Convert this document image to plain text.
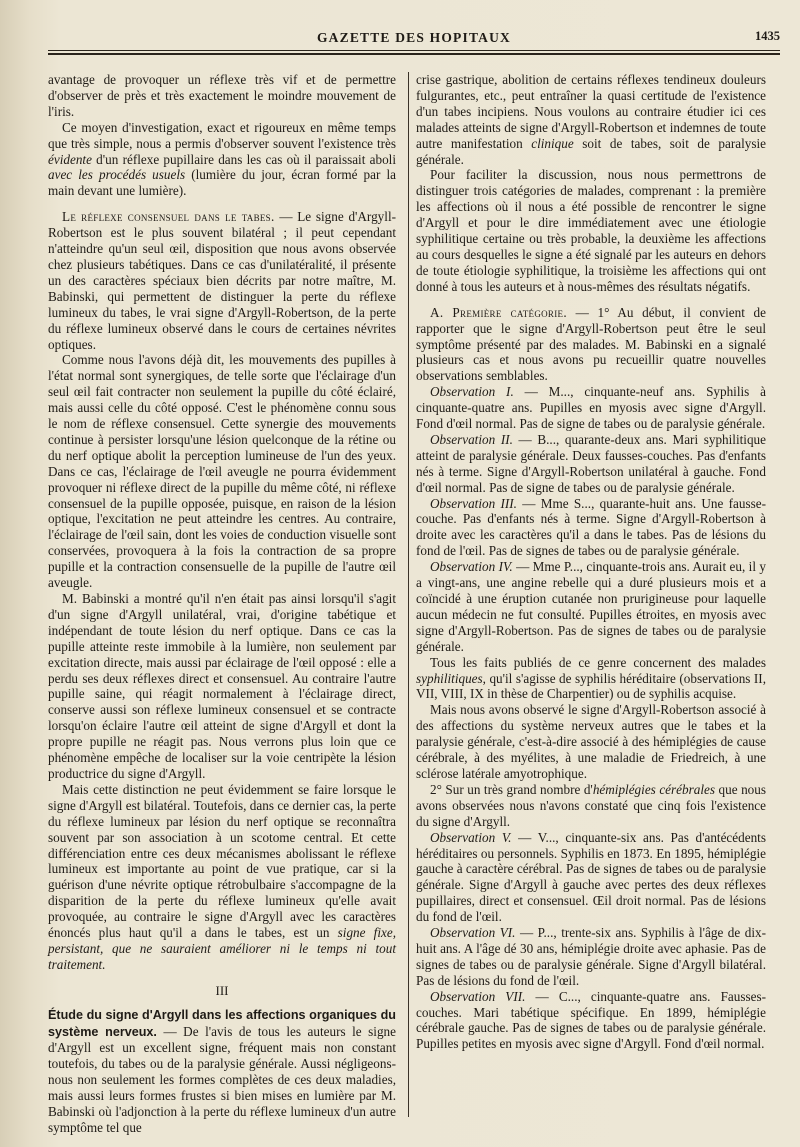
GAZETTE DES HOPITAUX	1435

avantage de provoquer un réflexe très vif et de permettre d'observer de près et très exactement le moindre mouvement de l'iris.

Ce moyen d'investigation, exact et rigoureux en même temps que très simple, nous a permis d'observer souvent l'existence très évidente d'un réflexe pupillaire dans les cas où il paraissait aboli avec les procédés usuels (lumière du jour, écran formé par la main devant une lumière).

Le réflexe consensuel dans le tabes. — Le signe d'Argyll-Robertson est le plus souvent bilatéral ; il peut cependant n'atteindre qu'un seul œil, disposition que nous avons observée chez plusieurs tabétiques. Dans ce cas d'unilatéralité, il présente un des caractères spéciaux bien décrits par notre maître, M. Babinski, qui permettent de distinguer la perte du réflexe lumineux du tabes, le vrai signe d'Argyll-Robertson, de la perte du réflexe lumineux observé dans le cours de certaines névrites optiques.

Comme nous l'avons déjà dit, les mouvements des pupilles à l'état normal sont synergiques, de telle sorte que l'éclairage d'un seul œil fait contracter non seulement la pupille du côté éclairé, mais aussi celle du côté opposé. C'est le phénomène connu sous le nom de réflexe consensuel. Cette synergie des mouvements continue à persister lorsqu'une lésion quelconque de la rétine ou du nerf optique abolit la perception lumineuse de l'un des yeux. Dans ce cas, l'éclairage de l'œil aveugle ne pourra évidemment provoquer ni réflexe direct de la pupille du même côté, ni réflexe consensuel de la pupille opposée, puisque, en raison de la lésion optique, l'excitation ne peut atteindre les centres. Au contraire, l'éclairage de l'œil sain, dont les voies de conduction visuelle sont conservées, provoquera à la fois la contraction de sa propre pupille et la contraction consensuelle de la pupille de l'autre œil aveugle.

M. Babinski a montré qu'il n'en était pas ainsi lorsqu'il s'agit d'un signe d'Argyll unilatéral, vrai, d'origine tabétique et indépendant de toute lésion du nerf optique. Dans ce cas la pupille atteinte reste immobile à la lumière, non seulement par excitation directe, mais aussi par éclairage de l'œil opposé : elle a perdu ses deux réflexes direct et consensuel. Au contraire l'autre pupille saine, qui réagit normalement à l'éclairage direct, conserve aussi son réflexe lumineux consensuel et se contracte lorsqu'on éclaire l'autre œil atteint de signe d'Argyll et dont la propre pupille ne réagit pas. Nous verrons plus loin que ce phénomène empêche de localiser sur la voie centripète la lésion productrice du signe d'Argyll.

Mais cette distinction ne peut évidemment se faire lorsque le signe d'Argyll est bilatéral. Toutefois, dans ce dernier cas, la perte du réflexe lumineux par lésion du nerf optique se reconnaîtra souvent par son association à un scotome central. Et cette différenciation entre ces deux mécanismes abolissant le réflexe lumineux est importante au point de vue pratique, car si la guérison d'une névrite optique rétrobulbaire s'accompagne de la disparition de la perte du réflexe lumineux qu'elle avait provoquée, au contraire le signe d'Argyll avec les caractères énoncés plus haut qu'il a dans le tabes, est un signe fixe, persistant, que ne sauraient améliorer ni le temps ni tout traitement.

III

Étude du signe d'Argyll dans les affections organiques du système nerveux. — De l'avis de tous les auteurs le signe d'Argyll est un excellent signe, fréquent mais non constant toutefois, du tabes ou de la paralysie générale. Aussi négligeons-nous non seulement les formes complètes de ces deux maladies, mais aussi leurs formes frustes si bien mises en lumière par M. Babinski où l'adjonction à la perte du réflexe lumineux d'un autre symptôme tel que

crise gastrique, abolition de certains réflexes tendineux douleurs fulgurantes, etc., peut entraîner la quasi certitude de l'existence d'un tabes incipiens. Nous voulons au contraire étudier ici ces malades atteints de signe d'Argyll-Robertson et indemnes de toute autre manifestation clinique soit de tabes, soit de paralysie générale.

Pour faciliter la discussion, nous nous permettrons de distinguer trois catégories de malades, comprenant : la première les affections où il nous a été possible de rencontrer le signe d'Argyll et pour le dire immédiatement avec une étiologie syphilitique certaine ou très probable, la deuxième les affections au cours desquelles le signe a été signalé par les auteurs en dehors de toute étiologie syphilitique, la troisième les affections qui ont donné à tous les auteurs et à nous-mêmes des résultats négatifs.

A. Première catégorie. — 1° Au début, il convient de rapporter que le signe d'Argyll-Robertson peut être le seul symptôme présenté par des malades. M. Babinski en a signalé plusieurs cas et nous avons pu recueillir quatre nouvelles observations semblables.

Observation I. — M..., cinquante-neuf ans. Syphilis à cinquante-quatre ans. Pupilles en myosis avec signe d'Argyll. Fond d'œil normal. Pas de signe de tabes ou de paralysie générale.

Observation II. — B..., quarante-deux ans. Mari syphilitique atteint de paralysie générale. Deux fausses-couches. Pas d'enfants nés à terme. Signe d'Argyll-Robertson unilatéral à gauche. Fond d'œil normal. Pas de signe de tabes ou de paralysie générale.

Observation III. — Mme S..., quarante-huit ans. Une fausse-couche. Pas d'enfants nés à terme. Signe d'Argyll-Robertson à droite avec les caractères qu'il a dans le tabes. Pas de lésions du fond de l'œil. Pas de signes de tabes ou de paralysie générale.

Observation IV. — Mme P..., cinquante-trois ans. Aurait eu, il y a vingt-ans, une angine rebelle qui a duré plusieurs mois et a coïncidé à une éruption cutanée non prurigineuse pour laquelle aucun médecin ne fut consulté. Pupilles étroites, en myosis avec signe d'Argyll-Robertson. Pas de signes de tabes ou de paralysie générale.

Tous les faits publiés de ce genre concernent des malades syphilitiques, qu'il s'agisse de syphilis héréditaire (observations II, VII, VIII, IX in thèse de Charpentier) ou de syphilis acquise.

Mais nous avons observé le signe d'Argyll-Robertson associé à des affections du système nerveux autres que le tabes et la paralysie générale, c'est-à-dire associé à des hémiplégies de cause cérébrale, à des myélites, à une maladie de Friedreich, à une sclérose latérale amyotrophique.

2° Sur un très grand nombre d'hémiplégies cérébrales que nous avons observées nous n'avons constaté que cinq fois l'existence du signe d'Argyll.

Observation V. — V..., cinquante-six ans. Pas d'antécédents héréditaires ou personnels. Syphilis en 1873. En 1895, hémiplégie gauche à caractère cérébral. Pas de signes de tabes ou de paralysie générale. Signe d'Argyll à gauche avec pertes des deux réflexes pupillaires, direct et consensuel. Œil droit normal. Pas de lésions du fond de l'œil.

Observation VI. — P..., trente-six ans. Syphilis à l'âge de dix-huit ans. A l'âge dé 30 ans, hémiplégie droite avec aphasie. Pas de signes de tabes ou de paralysie générale. Signe d'Argyll bilatéral. Pas de lésions du fond de l'œil.

Observation VII. — C..., cinquante-quatre ans. Fausses-couches. Mari tabétique spécifique. En 1899, hémiplégie cérébrale gauche. Pas de signes de tabes ou de paralysie générale. Pupilles petites en myosis avec signe d'Argyll. Fond d'œil normal.
